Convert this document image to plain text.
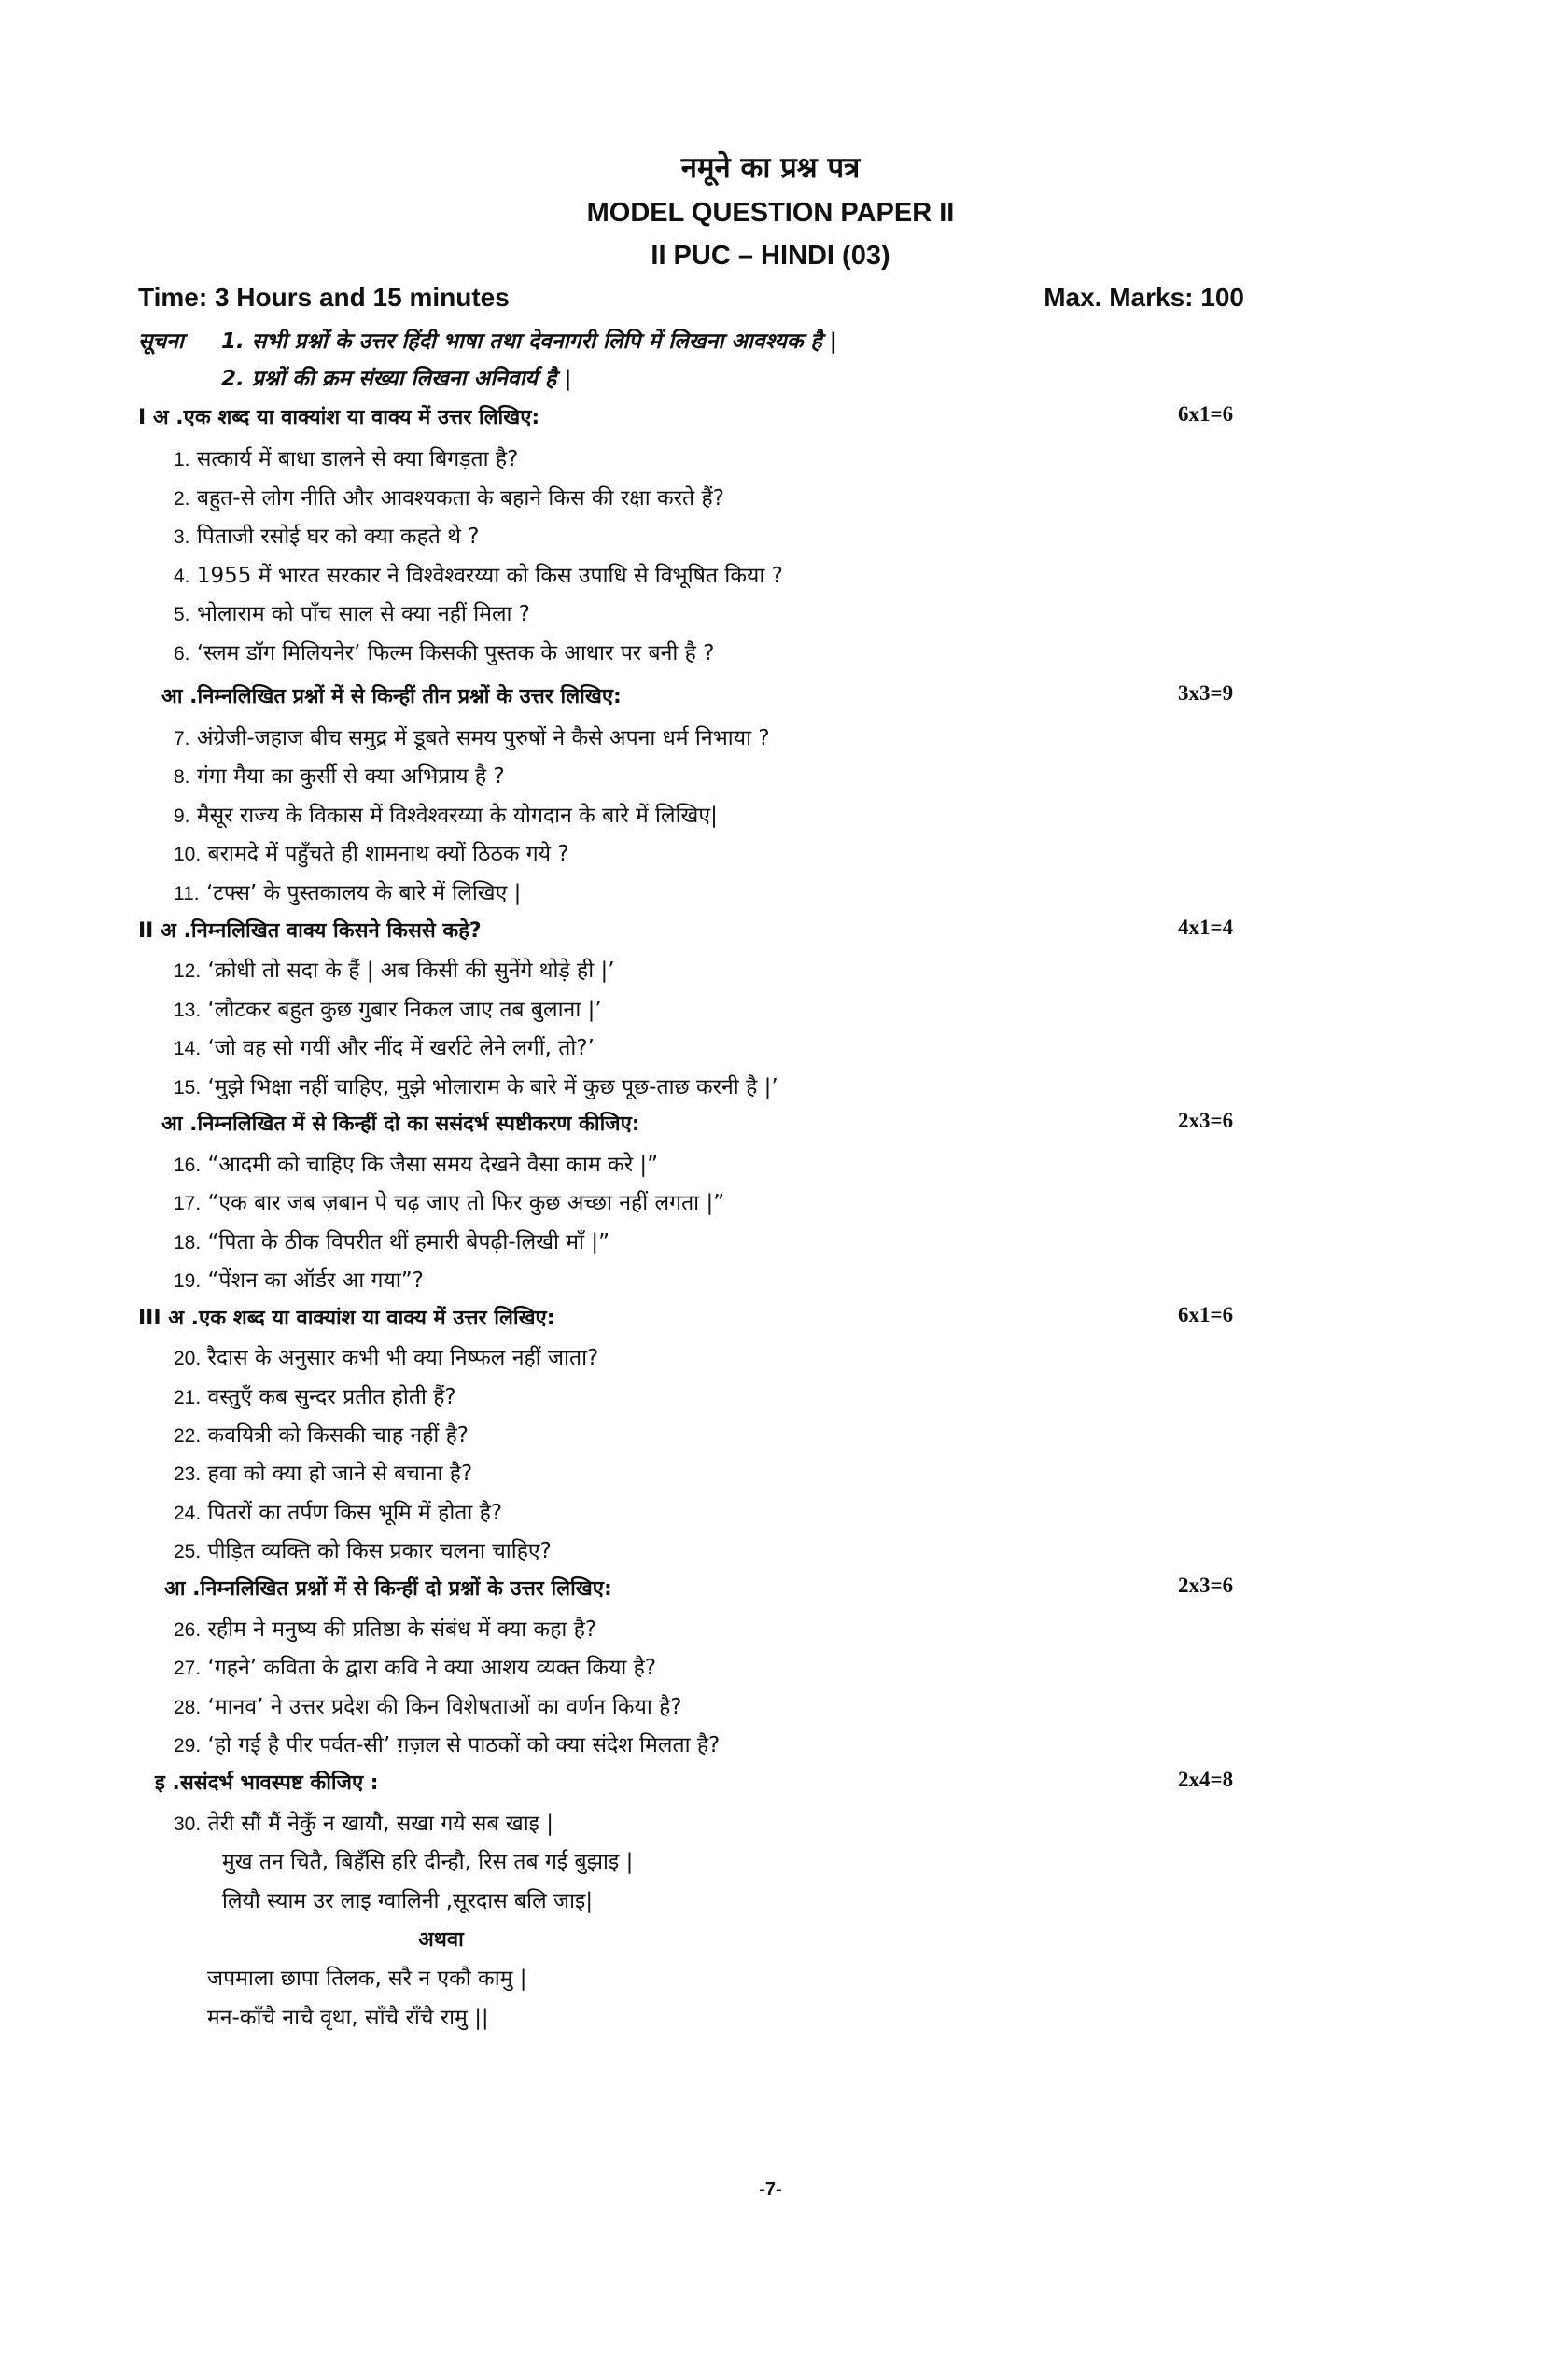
नमूने का प्रश्न पत्र
MODEL QUESTION PAPER II
II PUC – HINDI (03)
Time: 3 Hours and 15 minutes	Max. Marks: 100
सूचना 1. सभी प्रश्नों के उत्तर हिंदी भाषा तथा देवनागरी लिपि में लिखना आवश्यक है |
2. प्रश्नों की क्रम संख्या लिखना अनिवार्य है |
I अ .एक शब्द या वाक्यांश या वाक्य में उत्तर लिखिए:	6x1=6
1. सत्कार्य में बाधा डालने से क्या बिगड़ता है?
2. बहुत-से लोग नीति और आवश्यकता के बहाने किस की रक्षा करते हैं?
3. पिताजी रसोई घर को क्या कहते थे ?
4. 1955 में भारत सरकार ने विश्वेश्वरय्या को किस उपाधि से विभूषित किया ?
5. भोलाराम को पाँच साल से क्या नहीं मिला ?
6. ‘स्लम डॉग मिलियनेर’ फिल्म किसकी पुस्तक के आधार पर बनी है ?
आ .निम्नलिखित प्रश्नों में से किन्हीं तीन प्रश्नों के उत्तर लिखिए:	3x3=9
7. अंग्रेजी-जहाज बीच समुद्र में डूबते समय पुरुषों ने कैसे अपना धर्म निभाया ?
8. गंगा मैया का कुर्सी से क्या अभिप्राय है ?
9. मैसूर राज्य के विकास में विश्वेश्वरय्या के योगदान के बारे में लिखिए|
10. बरामदे में पहुँचते ही शामनाथ क्यों ठिठक गये ?
11. ‘टफ्स’ के पुस्तकालय के बारे में लिखिए |
II अ .निम्नलिखित वाक्य किसने किससे कहे?	4x1=4
12. ‘क्रोधी तो सदा के हैं | अब किसी की सुनेंगे थोड़े ही |’
13. ‘लौटकर बहुत कुछ गुबार निकल जाए तब बुलाना |’
14. ‘जो वह सो गयीं और नींद में खर्राटे लेने लगीं, तो?’
15. ‘मुझे भिक्षा नहीं चाहिए, मुझे भोलाराम के बारे में कुछ पूछ-ताछ करनी है |’
आ .निम्नलिखित में से किन्हीं दो का ससंदर्भ स्पष्टीकरण कीजिए:	2x3=6
16. “आदमी को चाहिए कि जैसा समय देखने वैसा काम करे |”
17. “एक बार जब ज़बान पे चढ़ जाए तो फिर कुछ अच्छा नहीं लगता |”
18. “पिता के ठीक विपरीत थीं हमारी बेपढ़ी-लिखी माँ |”
19. “पेंशन का ऑर्डर आ गया”?
III अ .एक शब्द या वाक्यांश या वाक्य में उत्तर लिखिए:	6x1=6
20. रैदास के अनुसार कभी भी क्या निष्फल नहीं जाता?
21. वस्तुएँ कब सुन्दर प्रतीत होती हैं?
22. कवयित्री को किसकी चाह नहीं है?
23. हवा को क्या हो जाने से बचाना है?
24. पितरों का तर्पण किस भूमि में होता है?
25. पीड़ित व्यक्ति को किस प्रकार चलना चाहिए?
आ .निम्नलिखित प्रश्नों में से किन्हीं दो प्रश्नों के उत्तर लिखिए:	2x3=6
26. रहीम ने मनुष्य की प्रतिष्ठा के संबंध में क्या कहा है?
27. ‘गहने’ कविता के द्वारा कवि ने क्या आशय व्यक्त किया है?
28. ‘मानव’ ने उत्तर प्रदेश की किन विशेषताओं का वर्णन किया है?
29. ‘हो गई है पीर पर्वत-सी’ ग़ज़ल से पाठकों को क्या संदेश मिलता है?
इ .ससंदर्भ भावस्पष्ट कीजिए :	2x4=8
30. तेरी सौं मैं नेकुँ न खायौ, सखा गये सब खाइ |
मुख तन चितै, बिहँसि हरि दीन्हौ, रिस तब गई बुझाइ |
लियौ स्याम उर लाइ ग्वालिनी ,सूरदास बलि जाइ|
अथवा
जपमाला छापा तिलक, सरै न एकौ कामु |
मन-काँचै नाचै वृथा, साँचै राँचै रामु ||
-7-
